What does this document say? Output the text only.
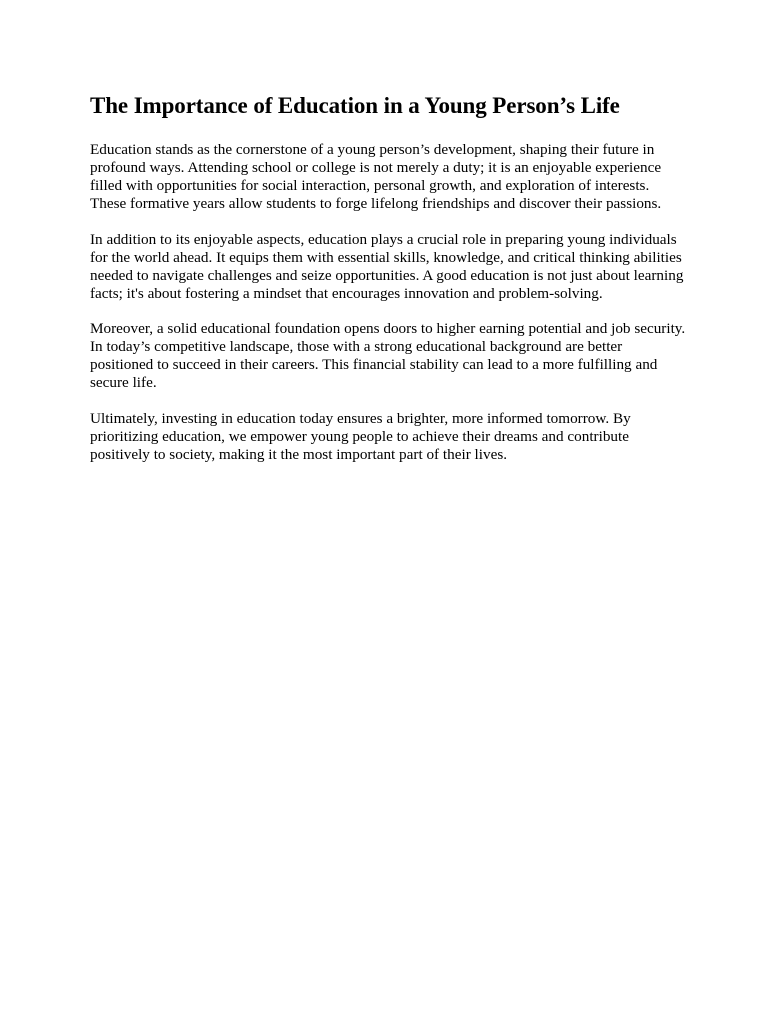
The Importance of Education in a Young Person’s Life

Education stands as the cornerstone of a young person’s development, shaping their future in profound ways. Attending school or college is not merely a duty; it is an enjoyable experience filled with opportunities for social interaction, personal growth, and exploration of interests. These formative years allow students to forge lifelong friendships and discover their passions.

In addition to its enjoyable aspects, education plays a crucial role in preparing young individuals for the world ahead. It equips them with essential skills, knowledge, and critical thinking abilities needed to navigate challenges and seize opportunities. A good education is not just about learning facts; it's about fostering a mindset that encourages innovation and problem-solving.

Moreover, a solid educational foundation opens doors to higher earning potential and job security. In today’s competitive landscape, those with a strong educational background are better positioned to succeed in their careers. This financial stability can lead to a more fulfilling and secure life.

Ultimately, investing in education today ensures a brighter, more informed tomorrow. By prioritizing education, we empower young people to achieve their dreams and contribute positively to society, making it the most important part of their lives.
